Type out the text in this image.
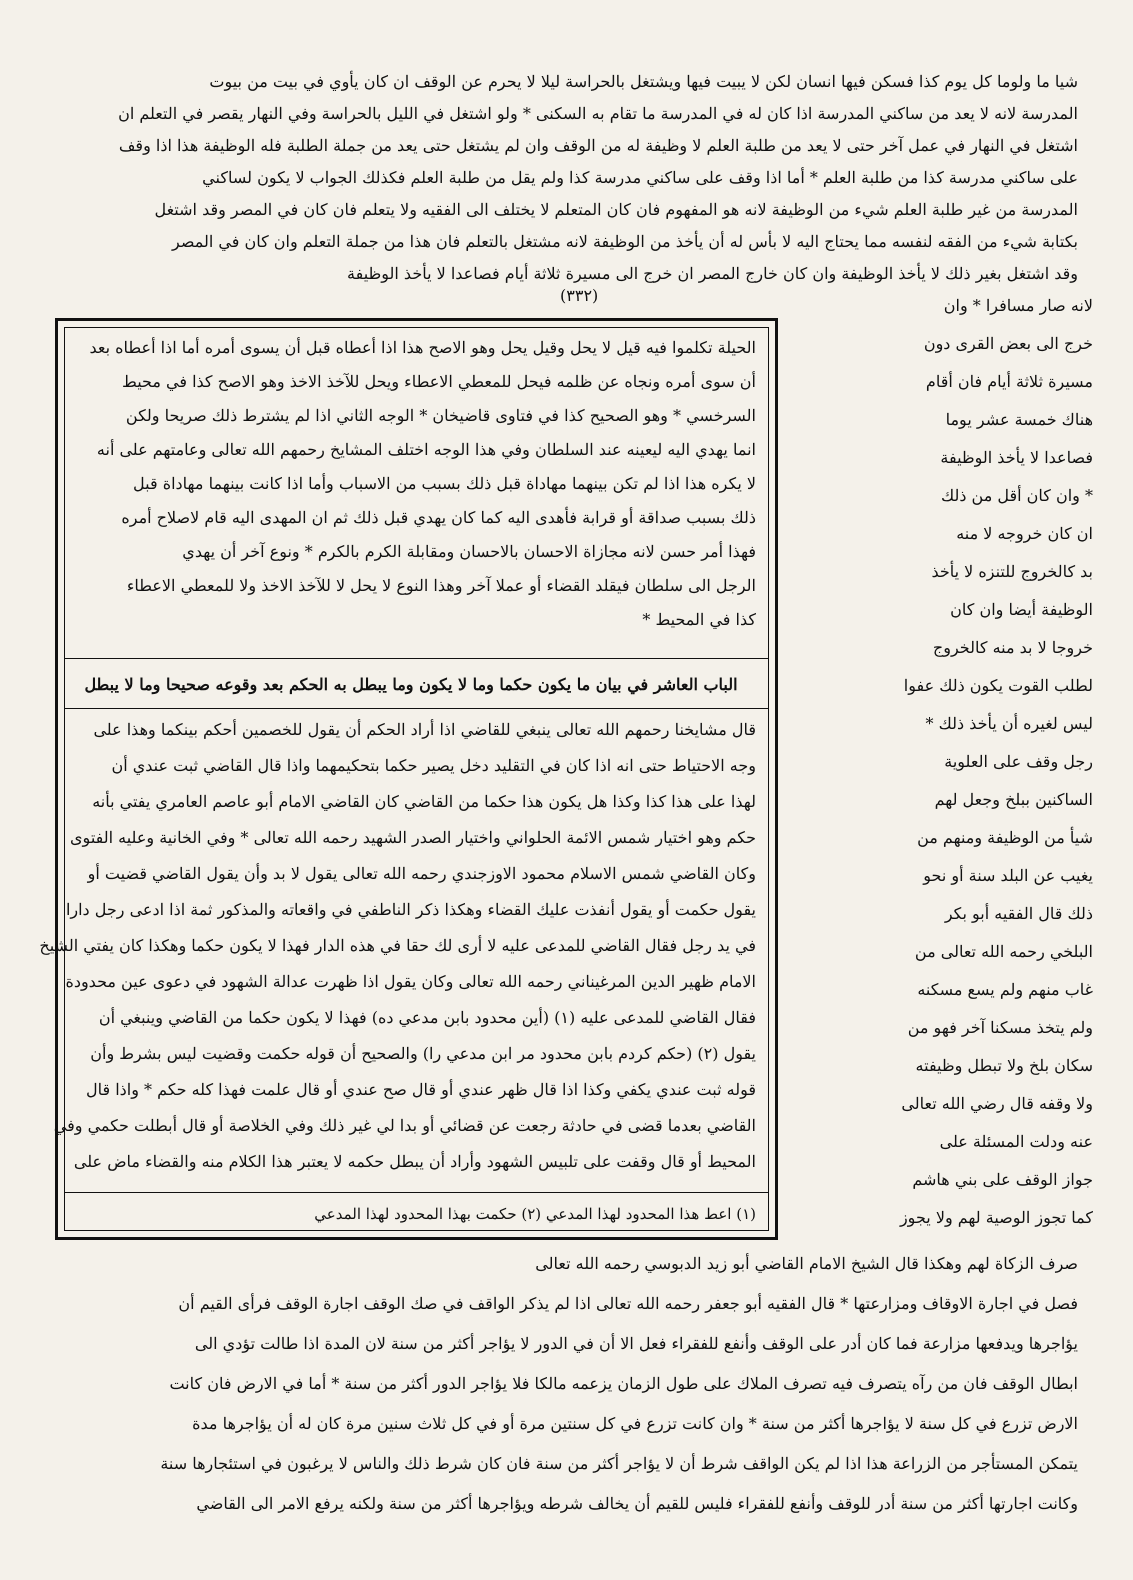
شيا ما ولوما كل يوم كذا فسكن فيها انسان لكن لا يبيت فيها ويشتغل بالحراسة ليلا لا يحرم عن الوقف ان كان يأوي في بيت من بيوت
المدرسة لانه لا يعد من ساكني المدرسة اذا كان له في المدرسة ما تقام به السكنى * ولو اشتغل في الليل بالحراسة وفي النهار يقصر في التعلم ان
اشتغل في النهار في عمل آخر حتى لا يعد من طلبة العلم لا وظيفة له من الوقف وان لم يشتغل حتى يعد من جملة الطلبة فله الوظيفة هذا اذا وقف
على ساكني مدرسة كذا من طلبة العلم * أما اذا وقف على ساكني مدرسة كذا ولم يقل من طلبة العلم فكذلك الجواب لا يكون لساكني
المدرسة من غير طلبة العلم شيء من الوظيفة لانه هو المفهوم فان كان المتعلم لا يختلف الى الفقيه ولا يتعلم فان كان في المصر وقد اشتغل
بكتابة شيء من الفقه لنفسه مما يحتاج اليه لا بأس له أن يأخذ من الوظيفة لانه مشتغل بالتعلم فان هذا من جملة التعلم وان كان في المصر
وقد اشتغل بغير ذلك لا يأخذ الوظيفة وان كان خارج المصر ان خرج الى مسيرة ثلاثة أيام فصاعدا لا يأخذ الوظيفة
(٣٣٢)
لانه صار مسافرا * وان
خرج الى بعض القرى دون
مسيرة ثلاثة أيام فان أقام
هناك خمسة عشر يوما
فصاعدا لا يأخذ الوظيفة
* وان كان أقل من ذلك
ان كان خروجه لا منه
بد كالخروج للتنزه لا يأخذ
الوظيفة أيضا وان كان
خروجا لا بد منه كالخروج
لطلب القوت يكون ذلك عفوا
ليس لغيره أن يأخذ ذلك *
رجل وقف على العلوية
الساكنين ببلخ وجعل لهم
شيأ من الوظيفة ومنهم من
يغيب عن البلد سنة أو نحو
ذلك قال الفقيه أبو بكر
البلخي رحمه الله تعالى من
غاب منهم ولم يسع مسكنه
ولم يتخذ مسكنا آخر فهو من
سكان بلخ ولا تبطل وظيفته
ولا وقفه قال رضي الله تعالى
عنه ودلت المسئلة على
جواز الوقف على بني هاشم
كما تجوز الوصية لهم ولا يجوز
الحيلة تكلموا فيه قيل لا يحل وقيل يحل وهو الاصح هذا اذا أعطاه قبل أن يسوى أمره أما اذا أعطاه بعد
أن سوى أمره ونجاه عن ظلمه فيحل للمعطي الاعطاء ويحل للآخذ الاخذ وهو الاصح كذا في محيط
السرخسي * وهو الصحيح كذا في فتاوى قاضيخان * الوجه الثاني اذا لم يشترط ذلك صريحا ولكن
انما يهدي اليه ليعينه عند السلطان وفي هذا الوجه اختلف المشايخ رحمهم الله تعالى وعامتهم على أنه
لا يكره هذا اذا لم تكن بينهما مهاداة قبل ذلك بسبب من الاسباب وأما اذا كانت بينهما مهاداة قبل
ذلك بسبب صداقة أو قرابة فأهدى اليه كما كان يهدي قبل ذلك ثم ان المهدى اليه قام لاصلاح أمره
فهذا أمر حسن لانه مجازاة الاحسان بالاحسان ومقابلة الكرم بالكرم * ونوع آخر أن يهدي
الرجل الى سلطان فيقلد القضاء أو عملا آخر وهذا النوع لا يحل لا للآخذ الاخذ ولا للمعطي الاعطاء
كذا في المحيط *
الباب العاشر في بيان ما يكون حكما وما لا يكون وما يبطل به الحكم بعد وقوعه صحيحا وما لا يبطل
قال مشايخنا رحمهم الله تعالى ينبغي للقاضي اذا أراد الحكم أن يقول للخصمين أحكم بينكما وهذا على
وجه الاحتياط حتى انه اذا كان في التقليد دخل يصير حكما بتحكيمهما واذا قال القاضي ثبت عندي أن
لهذا على هذا كذا وكذا هل يكون هذا حكما من القاضي كان القاضي الامام أبو عاصم العامري يفتي بأنه
حكم وهو اختيار شمس الائمة الحلواني واختيار الصدر الشهيد رحمه الله تعالى * وفي الخانية وعليه الفتوى
وكان القاضي شمس الاسلام محمود الاوزجندي رحمه الله تعالى يقول لا بد وأن يقول القاضي قضيت أو
يقول حكمت أو يقول أنفذت عليك القضاء وهكذا ذكر الناطفي في واقعاته والمذكور ثمة اذا ادعى رجل دارا
في يد رجل فقال القاضي للمدعى عليه لا أرى لك حقا في هذه الدار فهذا لا يكون حكما وهكذا كان يفتي الشيخ
الامام ظهير الدين المرغيناني رحمه الله تعالى وكان يقول اذا ظهرت عدالة الشهود في دعوى عين محدودة
فقال القاضي للمدعى عليه (١) (أين محدود بابن مدعي ده) فهذا لا يكون حكما من القاضي وينبغي أن
يقول (٢) (حكم كردم بابن محدود مر ابن مدعي را) والصحيح أن قوله حكمت وقضيت ليس بشرط وأن
قوله ثبت عندي يكفي وكذا اذا قال ظهر عندي أو قال صح عندي أو قال علمت فهذا كله حكم * واذا قال
القاضي بعدما قضى في حادثة رجعت عن قضائي أو بدا لي غير ذلك وفي الخلاصة أو قال أبطلت حكمي وفي
المحيط أو قال وقفت على تلبيس الشهود وأراد أن يبطل حكمه لا يعتبر هذا الكلام منه والقضاء ماض على
(١) اعط هذا المحدود لهذا المدعي (٢) حكمت بهذا المحدود لهذا المدعي
صرف الزكاة لهم وهكذا قال الشيخ الامام القاضي أبو زيد الدبوسي رحمه الله تعالى
فصل في اجارة الاوقاف ومزارعتها * قال الفقيه أبو جعفر رحمه الله تعالى اذا لم يذكر الواقف في صك الوقف اجارة الوقف فرأى القيم أن
يؤاجرها ويدفعها مزارعة فما كان أدر على الوقف وأنفع للفقراء فعل الا أن في الدور لا يؤاجر أكثر من سنة لان المدة اذا طالت تؤدي الى
ابطال الوقف فان من رآه يتصرف فيه تصرف الملاك على طول الزمان يزعمه مالكا فلا يؤاجر الدور أكثر من سنة * أما في الارض فان كانت
الارض تزرع في كل سنة لا يؤاجرها أكثر من سنة * وان كانت تزرع في كل سنتين مرة أو في كل ثلاث سنين مرة كان له أن يؤاجرها مدة
يتمكن المستأجر من الزراعة هذا اذا لم يكن الواقف شرط أن لا يؤاجر أكثر من سنة فان كان شرط ذلك والناس لا يرغبون في استئجارها سنة
وكانت اجارتها أكثر من سنة أدر للوقف وأنفع للفقراء فليس للقيم أن يخالف شرطه ويؤاجرها أكثر من سنة ولكنه يرفع الامر الى القاضي
